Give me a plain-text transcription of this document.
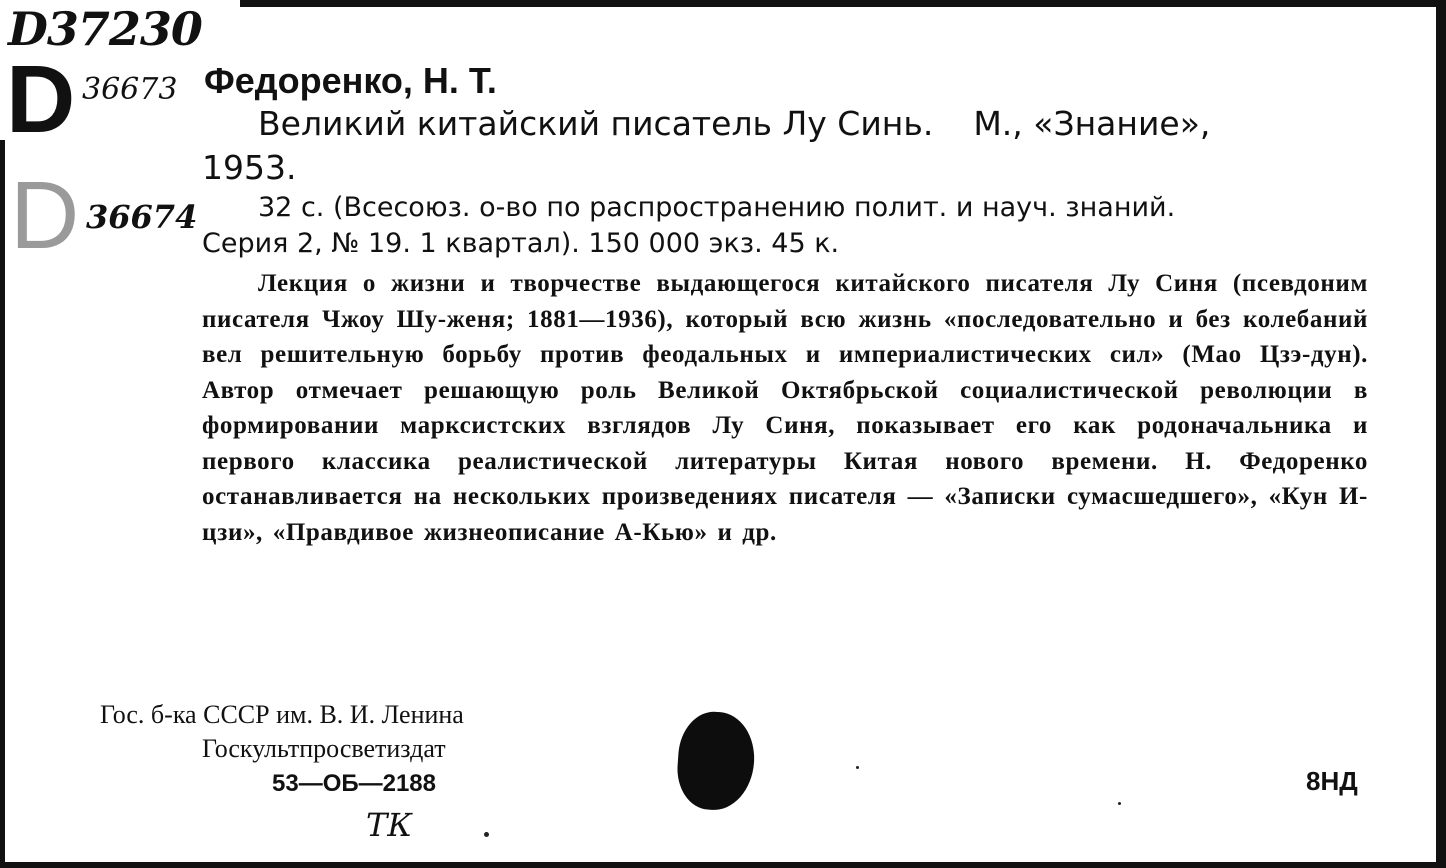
D37230
D 36673
D 36674
Федоренко, Н. Т.
Великий китайский писатель Лу Синь. М., «Знание»,
1953.
32 с. (Всесоюз. о-во по распространению полит. и науч. знаний.
Серия 2, № 19. 1 квартал). 150 000 экз. 45 к.

Лекция о жизни и творчестве выдающегося китайского писателя Лу Синя (псевдоним писателя Чжоу Шу-женя; 1881—1936), который всю жизнь «последовательно и без колебаний вел решительную борьбу против феодальных и империалистических сил» (Мао Цзэ-дун). Автор отмечает решающую роль Великой Октябрьской социалистической революции в формировании марксистских взглядов Лу Синя, показывает его как родоначальника и первого классика реалистической литературы Китая нового времени. Н. Федоренко останавливается на нескольких произведениях писателя — «Записки сумасшедшего», «Кун И-цзи», «Правдивое жизнеописание А-Кью» и др.

Гос. б-ка СССР им. В. И. Ленина
Госкультпросветиздат
53—ОБ—2188	8НД
ТК
